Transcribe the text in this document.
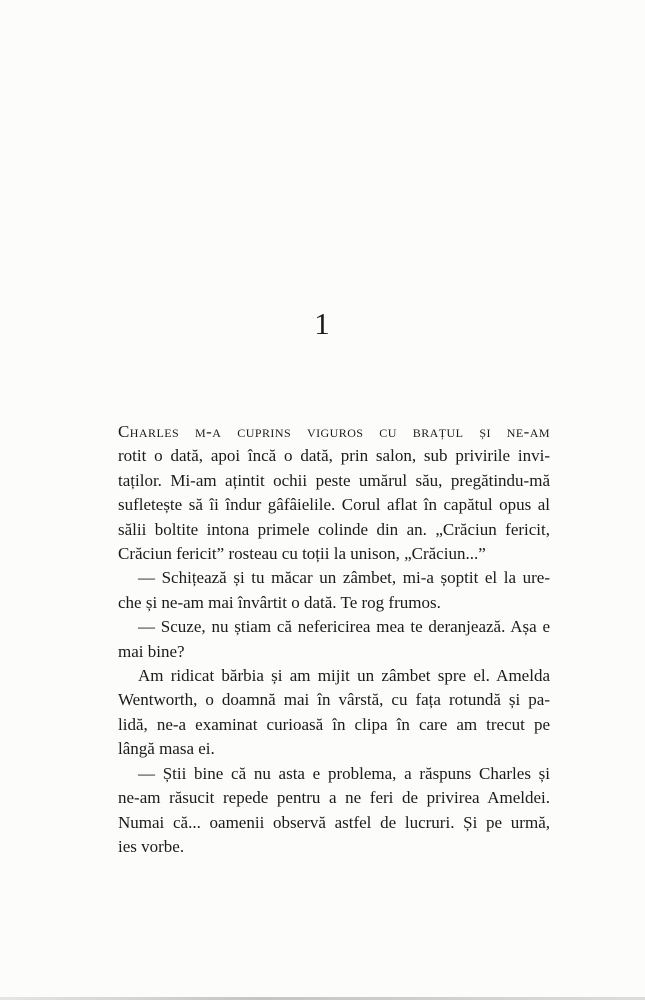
1
Charles m-a cuprins viguros cu brațul și ne-am
rotit o dată, apoi încă o dată, prin salon, sub privirile invi-
taților. Mi-am ațintit ochii peste umărul său, pregătindu-mă
sufletește să îi îndur gâfâielile. Corul aflat în capătul opus al
sălii boltite intona primele colinde din an. „Crăciun fericit,
Crăciun fericit” rosteau cu toții la unison, „Crăciun...”
— Schițează și tu măcar un zâmbet, mi-a șoptit el la ure-
che și ne-am mai învârtit o dată. Te rog frumos.
— Scuze, nu știam că nefericirea mea te deranjează. Așa e
mai bine?
Am ridicat bărbia și am mijit un zâmbet spre el. Amelda
Wentworth, o doamnă mai în vârstă, cu fața rotundă și pa-
lidă, ne-a examinat curioasă în clipa în care am trecut pe
lângă masa ei.
— Știi bine că nu asta e problema, a răspuns Charles și
ne-am răsucit repede pentru a ne feri de privirea Ameldei.
Numai că... oamenii observă astfel de lucruri. Și pe urmă,
ies vorbe.
